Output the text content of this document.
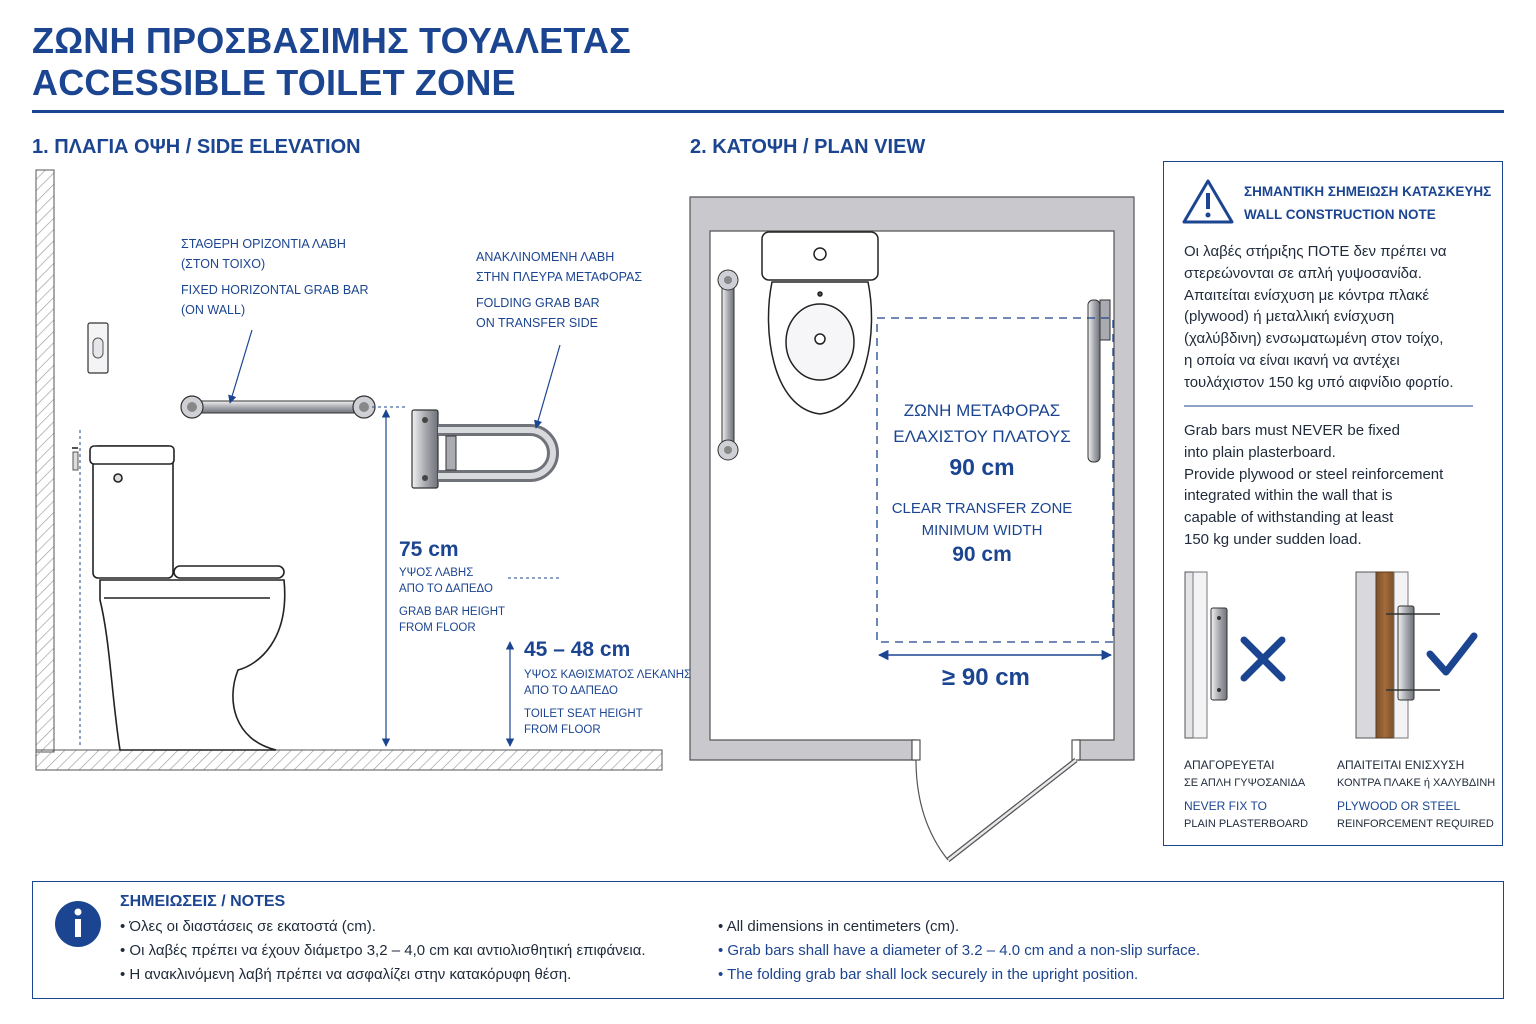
ΖΩΝΗ ΠΡΟΣΒΑΣΙΜΗΣ ΤΟΥΑΛΕΤΑΣ
ACCESSIBLE TOILET ZONE
1. ΠΛΑΓΙΑ ΟΨΗ / SIDE ELEVATION	2. ΚΑΤΟΨΗ / PLAN VIEW
ΣΤΑΘΕΡΗ ΟΡΙΖΟΝΤΙΑ ΛΑΒΗ
(ΣΤΟΝ ΤΟΙΧΟ)
FIXED HORIZONTAL GRAB BAR
(ON WALL)
ΑΝΑΚΛΙΝΟΜΕΝΗ ΛΑΒΗ
ΣΤΗΝ ΠΛΕΥΡΑ ΜΕΤΑΦΟΡΑΣ
FOLDING GRAB BAR
ON TRANSFER SIDE
75 cm
ΥΨΟΣ ΛΑΒΗΣ
ΑΠΟ ΤΟ ΔΑΠΕΔΟ
GRAB BAR HEIGHT
FROM FLOOR
45 – 48 cm
ΥΨΟΣ ΚΑΘΙΣΜΑΤΟΣ ΛΕΚΑΝΗΣ
ΑΠΟ ΤΟ ΔΑΠΕΔΟ
TOILET SEAT HEIGHT
FROM FLOOR
ΖΩΝΗ ΜΕΤΑΦΟΡΑΣ
ΕΛΑΧΙΣΤΟΥ ΠΛΑΤΟΥΣ
90 cm
CLEAR TRANSFER ZONE
MINIMUM WIDTH
90 cm
≥ 90 cm
ΣΗΜΑΝΤΙΚΗ ΣΗΜΕΙΩΣΗ ΚΑΤΑΣΚΕΥΗΣ
WALL CONSTRUCTION NOTE
Οι λαβές στήριξης ΠΟΤΕ δεν πρέπει να
στερεώνονται σε απλή γυψοσανίδα.
Απαιτείται ενίσχυση με κόντρα πλακέ
(plywood) ή μεταλλική ενίσχυση
(χαλύβδινη) ενσωματωμένη στον τοίχο,
η οποία να είναι ικανή να αντέχει
τουλάχιστον 150 kg υπό αιφνίδιο φορτίο.
Grab bars must NEVER be fixed
into plain plasterboard.
Provide plywood or steel reinforcement
integrated within the wall that is
capable of withstanding at least
150 kg under sudden load.
ΑΠΑΓΟΡΕΥΕΤΑΙ
ΣΕ ΑΠΛΗ ΓΥΨΟΣΑΝΙΔΑ
NEVER FIX TO
PLAIN PLASTERBOARD
ΑΠΑΙΤΕΙΤΑΙ ΕΝΙΣΧΥΣΗ
ΚΟΝΤΡΑ ΠΛΑΚΕ ή ΧΑΛΥΒΔΙΝΗ
PLYWOOD OR STEEL
REINFORCEMENT REQUIRED
ΣΗΜΕΙΩΣΕΙΣ / NOTES
• Όλες οι διαστάσεις σε εκατοστά (cm).
• Οι λαβές πρέπει να έχουν διάμετρο 3,2 – 4,0 cm και αντιολισθητική επιφάνεια.
• Η ανακλινόμενη λαβή πρέπει να ασφαλίζει στην κατακόρυφη θέση.
• All dimensions in centimeters (cm).
• Grab bars shall have a diameter of 3.2 – 4.0 cm and a non-slip surface.
• The folding grab bar shall lock securely in the upright position.
